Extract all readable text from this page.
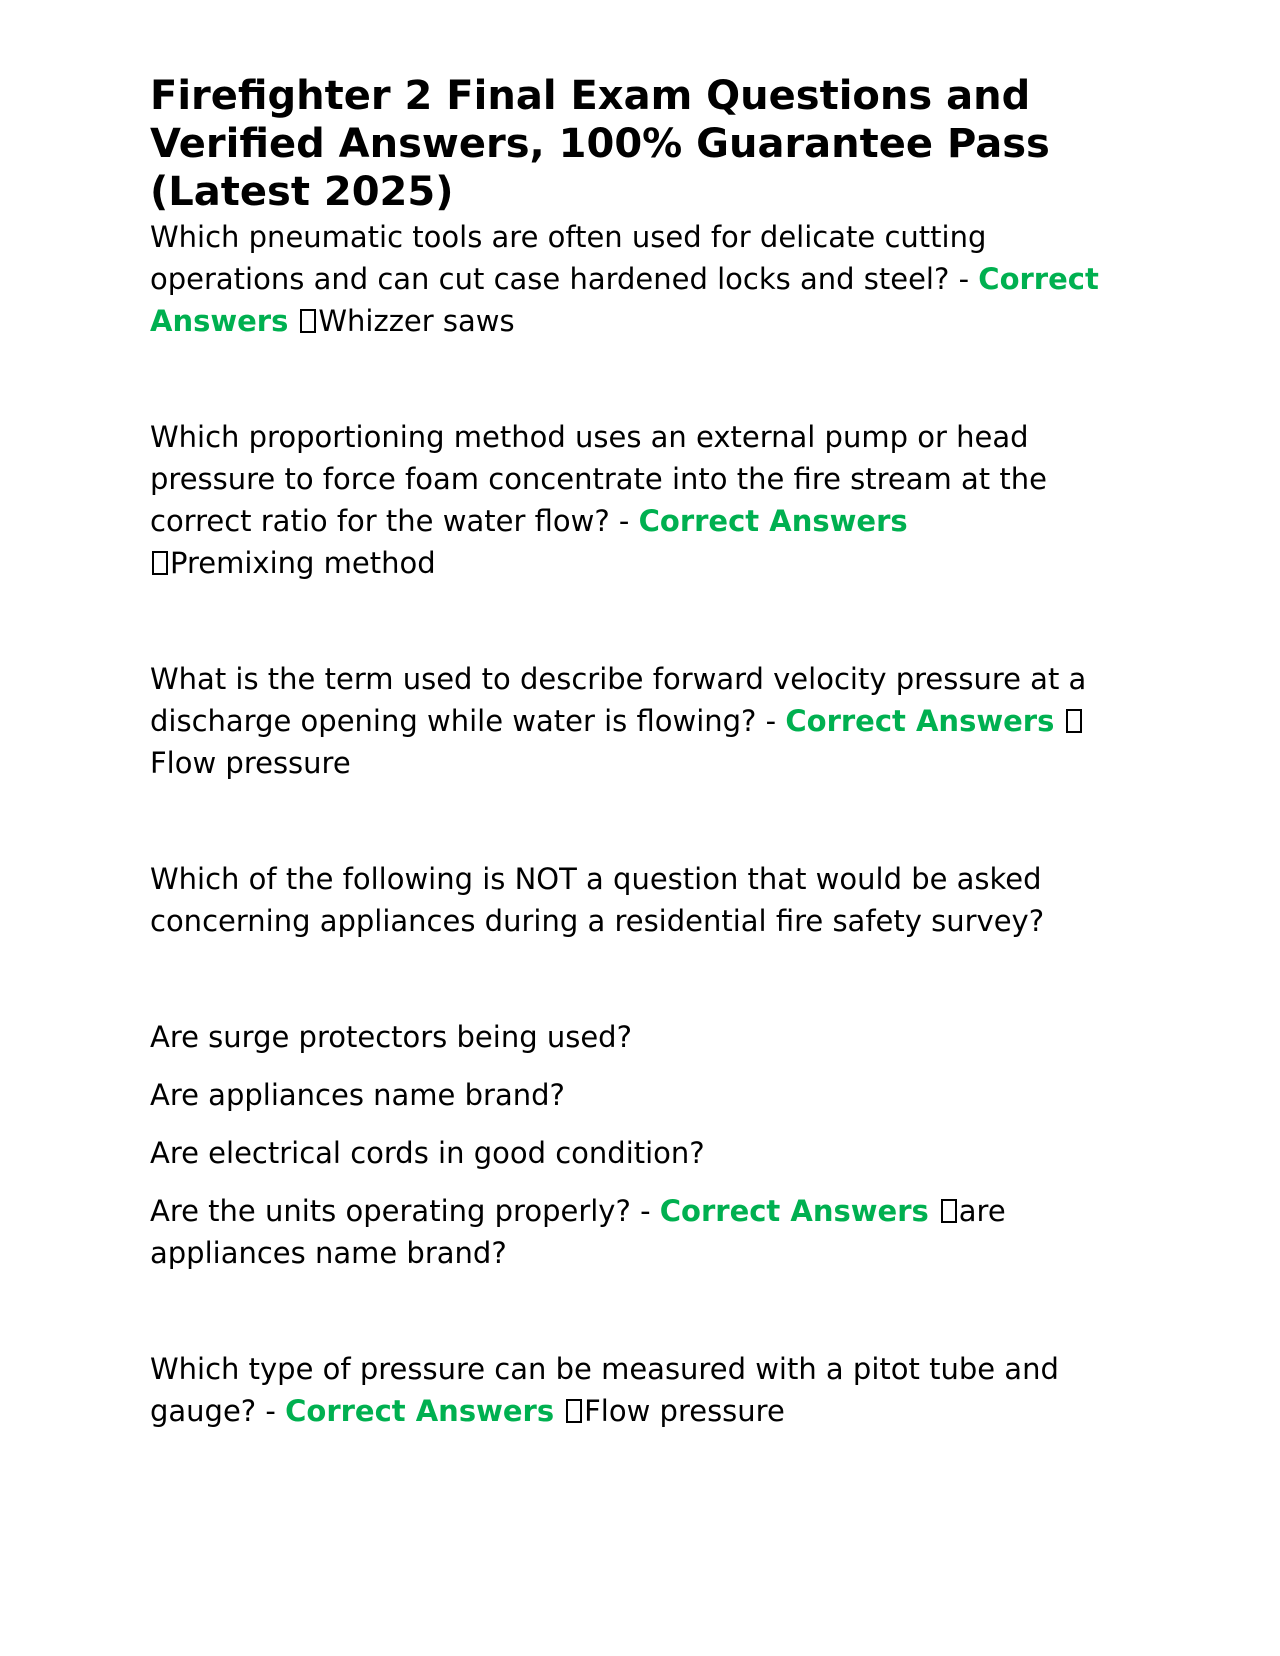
Firefighter 2 Final Exam Questions and Verified Answers, 100% Guarantee Pass (Latest 2025)

Which pneumatic tools are often used for delicate cutting operations and can cut case hardened locks and steel? - Correct Answers Whizzer saws

Which proportioning method uses an external pump or head pressure to force foam concentrate into the fire stream at the correct ratio for the water flow? - Correct Answers
Premixing method

What is the term used to describe forward velocity pressure at a discharge opening while water is flowing? - Correct AnswersFlow pressure

Which of the following is NOT a question that would be asked concerning appliances during a residential fire safety survey?

Are surge protectors being used?

Are appliances name brand?

Are electrical cords in good condition?

Are the units operating properly? - Correct Answers are appliances name brand?

Which type of pressure can be measured with a pitot tube and gauge? - Correct Answers Flow pressure
